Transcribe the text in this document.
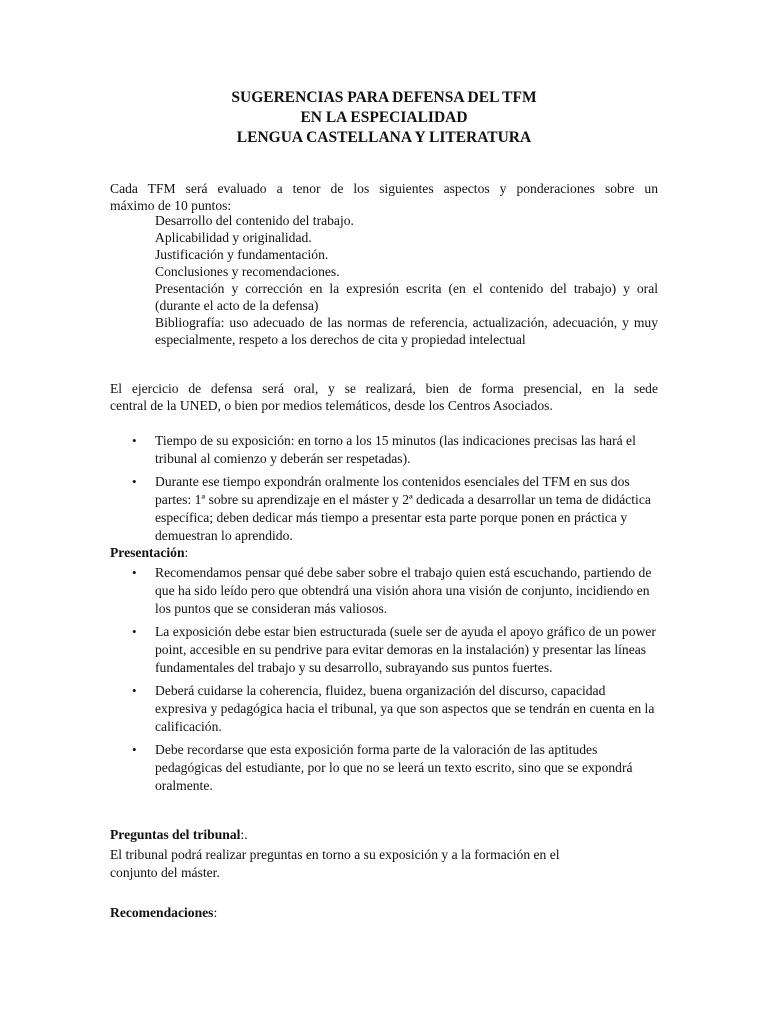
SUGERENCIAS PARA DEFENSA DEL TFM
EN LA ESPECIALIDAD
LENGUA CASTELLANA Y LITERATURA
Cada TFM será evaluado a tenor de los siguientes aspectos y ponderaciones sobre un
máximo de 10 puntos:
Desarrollo del contenido del trabajo.
Aplicabilidad y originalidad.
Justificación y fundamentación.
Conclusiones y recomendaciones.
Presentación y corrección en la expresión escrita (en el contenido del trabajo) y oral (durante el acto de la defensa)
Bibliografía: uso adecuado de las normas de referencia, actualización, adecuación, y muy especialmente, respeto a los derechos de cita y propiedad intelectual
El ejercicio de defensa será oral, y se realizará, bien de forma presencial, en la sede
central de la UNED, o bien por medios telemáticos, desde los Centros Asociados.
• Tiempo de su exposición: en torno a los 15 minutos (las indicaciones precisas las hará el tribunal al comienzo y deberán ser respetadas).
• Durante ese tiempo expondrán oralmente los contenidos esenciales del TFM en sus dos partes: 1ª sobre su aprendizaje en el máster y 2ª dedicada a desarrollar un tema de didáctica específica; deben dedicar más tiempo a presentar esta parte porque ponen en práctica y demuestran lo aprendido.
Presentación:
• Recomendamos pensar qué debe saber sobre el trabajo quien está escuchando, partiendo de que ha sido leído pero que obtendrá una visión ahora una visión de conjunto, incidiendo en los puntos que se consideran más valiosos.
• La exposición debe estar bien estructurada (suele ser de ayuda el apoyo gráfico de un power point, accesible en su pendrive para evitar demoras en la instalación) y presentar las líneas fundamentales del trabajo y su desarrollo, subrayando sus puntos fuertes.
• Deberá cuidarse la coherencia, fluidez, buena organización del discurso, capacidad expresiva y pedagógica hacia el tribunal, ya que son aspectos que se tendrán en cuenta en la calificación.
• Debe recordarse que esta exposición forma parte de la valoración de las aptitudes pedagógicas del estudiante, por lo que no se leerá un texto escrito, sino que se expondrá oralmente.
Preguntas del tribunal:.
El tribunal podrá realizar preguntas en torno a su exposición y a la formación en el
conjunto del máster.
Recomendaciones:
